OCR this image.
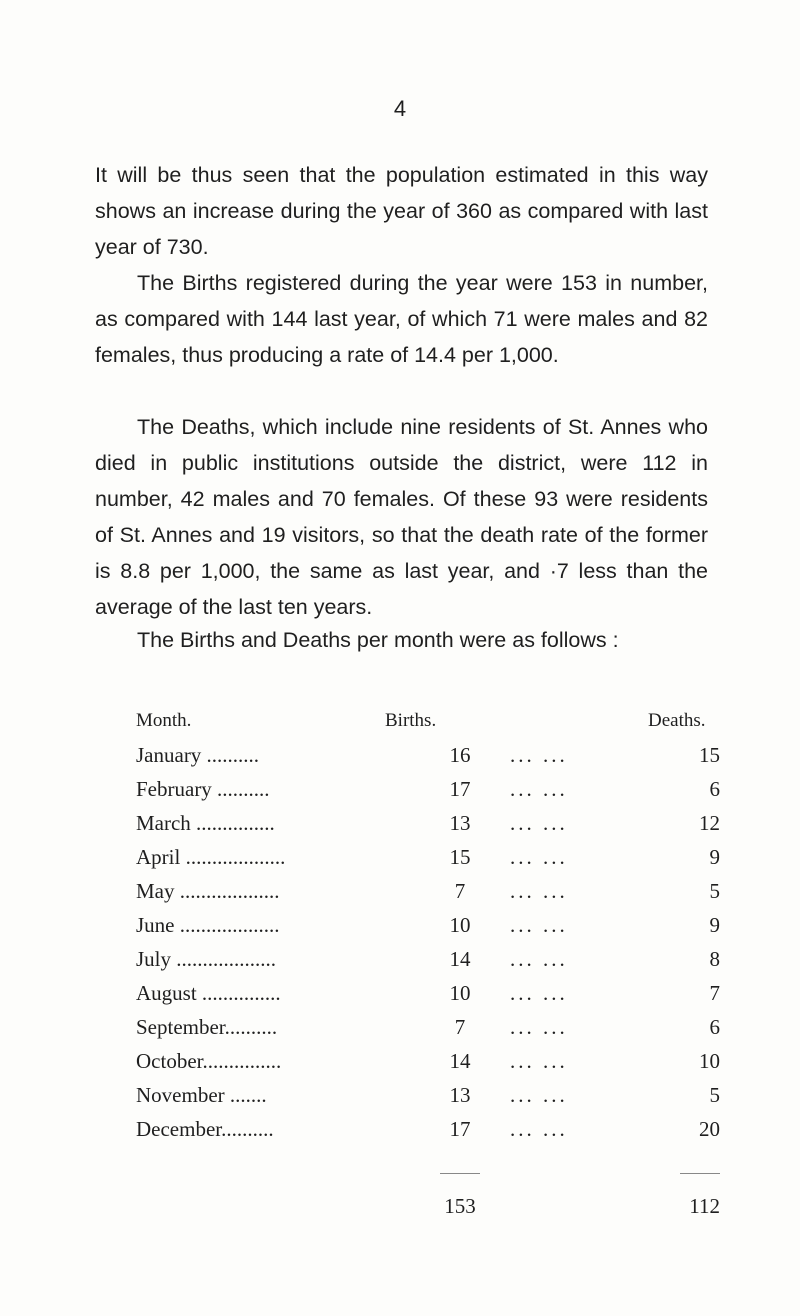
4

It will be thus seen that the population estimated in this way shows an increase during the year of 360 as compared with last year of 730.

The Births registered during the year were 153 in number, as compared with 144 last year, of which 71 were males and 82 females, thus producing a rate of 14.4 per 1,000.

The Deaths, which include nine residents of St. Annes who died in public institutions outside the district, were 112 in number, 42 males and 70 females. Of these 93 were residents of St. Annes and 19 visitors, so that the death rate of the former is 8.8 per 1,000, the same as last year, and ·7 less than the average of the last ten years.

The Births and Deaths per month were as follows :

Month.	Births.	Deaths.
January ..........	16	... ...	15
February ..........	17	... ...	6
March ...............	13	... ...	12
April ...................	15	... ...	9
May ...................	7	... ...	5
June ...................	10	... ...	9
July ...................	14	... ...	8
August ...............	10	... ...	7
September..........	7	... ...	6
October...............	14	... ...	10
November .......	13	... ...	5
December..........	17	... ...	20
153	112
